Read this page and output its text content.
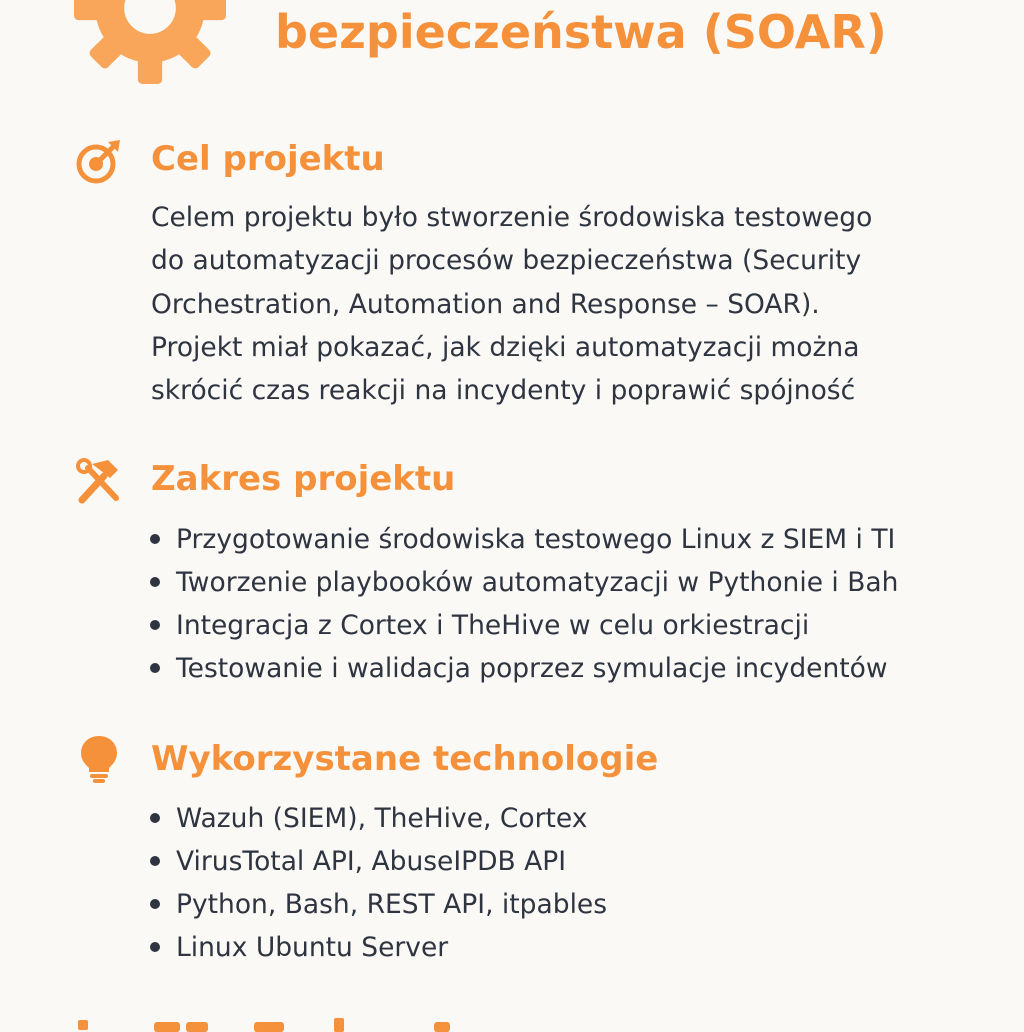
bezpieczeństwa (SOAR)
Cel projektu

Celem projektu było stworzenie środowiska testowego
do automatyzacji procesów bezpieczeństwa (Security
Orchestration, Automation and Response – SOAR).
Projekt miał pokazać, jak dzięki automatyzacji można
skrócić czas reakcji na incydenty i poprawić spójność

Zakres projektu
Przygotowanie środowiska testowego Linux z SIEM i TI
Tworzenie playbooków automatyzacji w Pythonie i Bah
Integracja z Cortex i TheHive w celu orkiestracji
Testowanie i walidacja poprzez symulacje incydentów
Wykorzystane technologie
Wazuh (SIEM), TheHive, Cortex
VirusTotal API, AbuseIPDB API
Python, Bash, REST API, itpables
Linux Ubuntu Server
